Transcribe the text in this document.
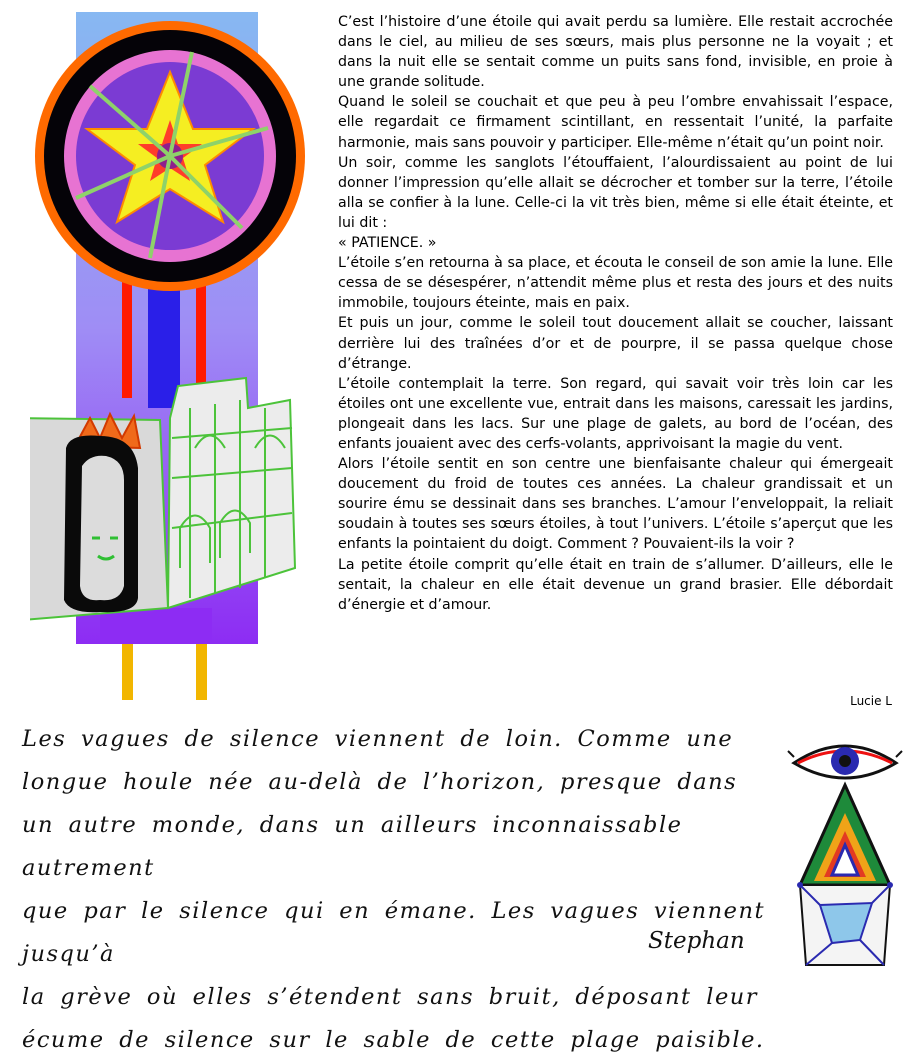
C’est l’histoire d’une étoile qui avait perdu sa lumière. Elle restait accrochée dans le ciel, au milieu de ses sœurs, mais plus personne ne la voyait ; et dans la nuit elle se sentait comme un puits sans fond, invisible, en proie à une grande solitude.

Quand le soleil se couchait et que peu à peu l’ombre envahissait l’espace, elle regardait ce firmament scintillant, en ressentait l’unité, la parfaite harmonie, mais sans pouvoir y participer. Elle-même n’était qu’un point noir.

Un soir, comme les sanglots l’étouffaient, l’alourdissaient au point de lui donner l’impression qu’elle allait se décrocher et tomber sur la terre, l’étoile alla se confier à la lune. Celle-ci la vit très bien, même si elle était éteinte, et lui dit :

« PATIENCE. »

L’étoile s’en retourna à sa place, et écouta le conseil de son amie la lune. Elle cessa de se désespérer, n’attendit même plus et resta des jours et des nuits immobile, toujours éteinte, mais en paix.

Et puis un jour, comme le soleil tout doucement allait se coucher, laissant derrière lui des traînées d’or et de pourpre, il se passa quelque chose d’étrange.

L’étoile contemplait la terre. Son regard, qui savait voir très loin car les étoiles ont une excellente vue, entrait dans les maisons, caressait les jardins, plongeait dans les lacs. Sur une plage de galets, au bord de l’océan, des enfants jouaient avec des cerfs-volants, apprivoisant la magie du vent.

Alors l’étoile sentit en son centre une bienfaisante chaleur qui émergeait doucement du froid de toutes ces années. La chaleur grandissait et un sourire ému se dessinait dans ses branches. L’amour l’enveloppait, la reliait soudain à toutes ses sœurs étoiles, à tout l’univers. L’étoile s’aperçut que les enfants la pointaient du doigt. Comment ? Pouvaient-ils la voir ?

La petite étoile comprit qu’elle était en train de s’allumer. D’ailleurs, elle le sentait, la chaleur en elle était devenue un grand brasier. Elle débordait d’énergie et d’amour.

Lucie L

Les vagues de silence viennent de loin. Comme une

longue houle née au-delà de l’horizon, presque dans

un autre monde, dans un ailleurs inconnaissable autrement

que par le silence qui en émane. Les vagues viennent jusqu’à

la grève où elles s’étendent sans bruit, déposant leur

écume de silence sur le sable de cette plage paisible.

Stephan
